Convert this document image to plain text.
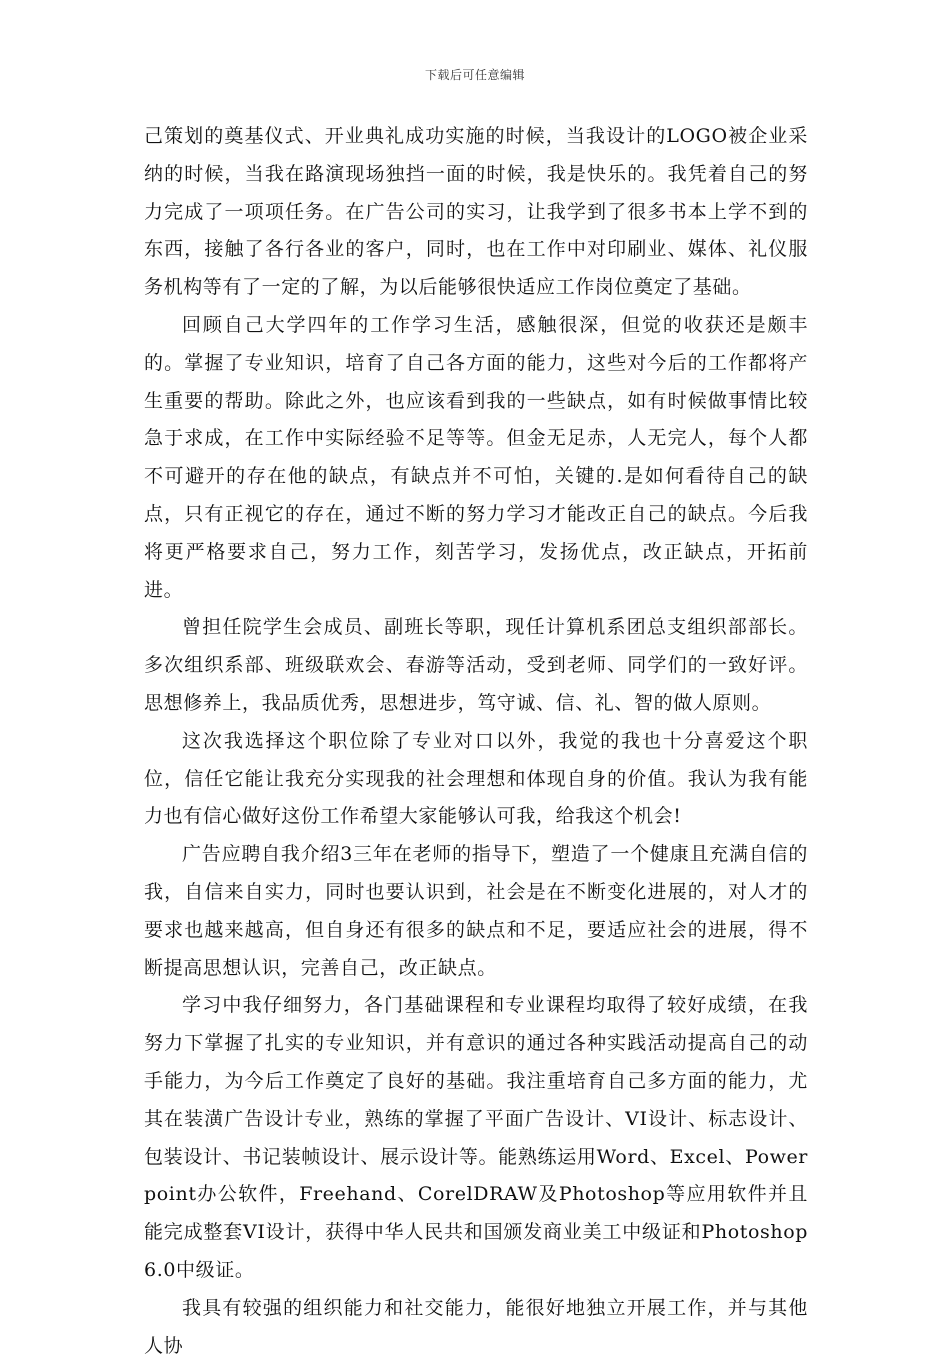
下载后可任意编辑

己策划的奠基仪式、开业典礼成功实施的时候，当我设计的LOGO被企业采纳的时候，当我在路演现场独挡一面的时候，我是快乐的。我凭着自己的努力完成了一项项任务。在广告公司的实习，让我学到了很多书本上学不到的东西，接触了各行各业的客户，同时，也在工作中对印刷业、媒体、礼仪服务机构等有了一定的了解，为以后能够很快适应工作岗位奠定了基础。

回顾自己大学四年的工作学习生活，感触很深，但觉的收获还是颇丰的。掌握了专业知识，培育了自己各方面的能力，这些对今后的工作都将产生重要的帮助。除此之外，也应该看到我的一些缺点，如有时候做事情比较急于求成，在工作中实际经验不足等等。但金无足赤，人无完人，每个人都不可避开的存在他的缺点，有缺点并不可怕，关键的.是如何看待自己的缺点，只有正视它的存在，通过不断的努力学习才能改正自己的缺点。今后我将更严格要求自己，努力工作，刻苦学习，发扬优点，改正缺点，开拓前进。

曾担任院学生会成员、副班长等职，现任计算机系团总支组织部部长。多次组织系部、班级联欢会、春游等活动，受到老师、同学们的一致好评。思想修养上，我品质优秀，思想进步，笃守诚、信、礼、智的做人原则。

这次我选择这个职位除了专业对口以外，我觉的我也十分喜爱这个职位，信任它能让我充分实现我的社会理想和体现自身的价值。我认为我有能力也有信心做好这份工作希望大家能够认可我，给我这个机会!

广告应聘自我介绍3三年在老师的指导下，塑造了一个健康且充满自信的我，自信来自实力，同时也要认识到，社会是在不断变化进展的，对人才的要求也越来越高，但自身还有很多的缺点和不足，要适应社会的进展，得不断提高思想认识，完善自己，改正缺点。

学习中我仔细努力，各门基础课程和专业课程均取得了较好成绩，在我努力下掌握了扎实的专业知识，并有意识的通过各种实践活动提高自己的动手能力，为今后工作奠定了良好的基础。我注重培育自己多方面的能力，尤其在装潢广告设计专业，熟练的掌握了平面广告设计、VI设计、标志设计、包装设计、书记装帧设计、展示设计等。能熟练运用Word、Excel、Powerpoint办公软件，Freehand、CorelDRAW及Photoshop等应用软件并且能完成整套VI设计，获得中华人民共和国颁发商业美工中级证和Photoshop6.0中级证。

我具有较强的组织能力和社交能力，能很好地独立开展工作，并与其他人协
